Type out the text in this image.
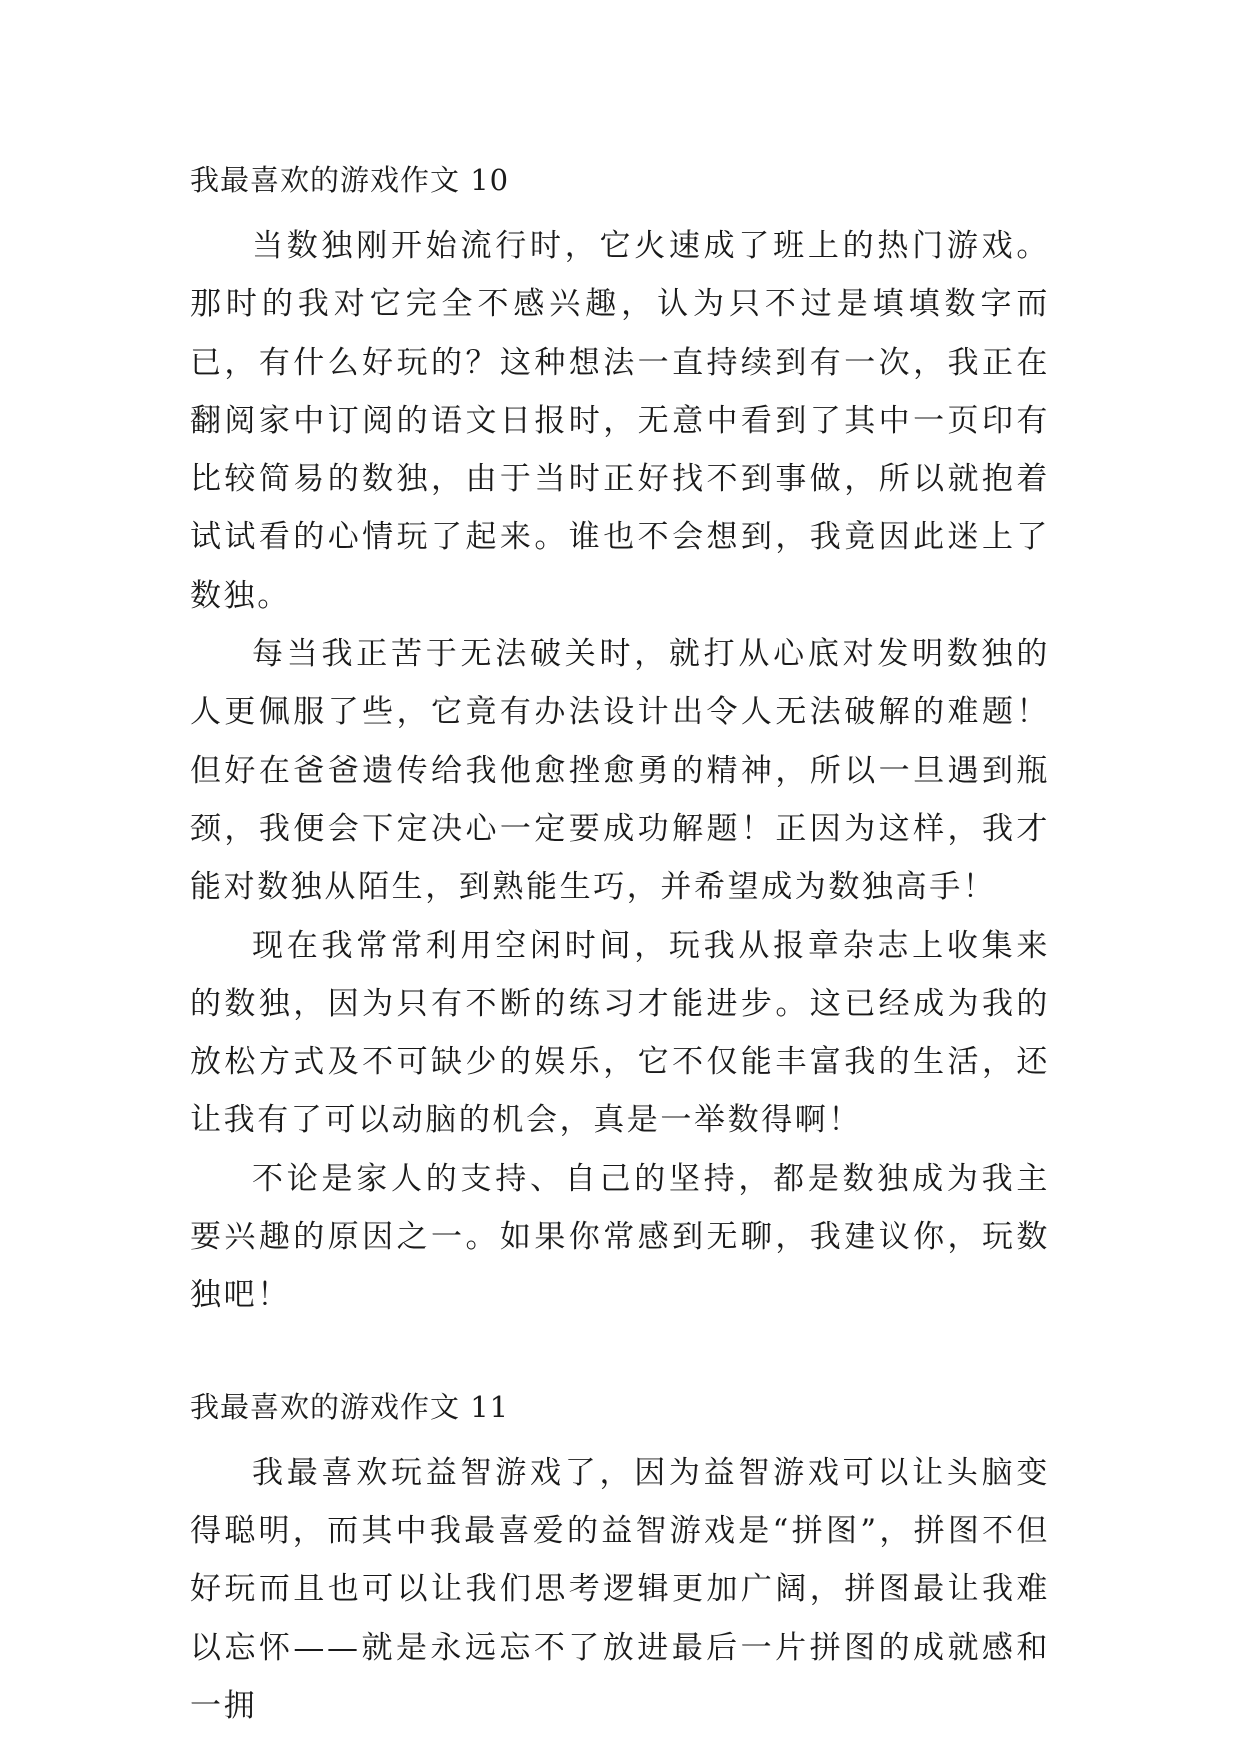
我最喜欢的游戏作文 10

当数独刚开始流行时，它火速成了班上的热门游戏。那时的我对它完全不感兴趣，认为只不过是填填数字而已，有什么好玩的？这种想法一直持续到有一次，我正在翻阅家中订阅的语文日报时，无意中看到了其中一页印有比较简易的数独，由于当时正好找不到事做，所以就抱着试试看的心情玩了起来。谁也不会想到，我竟因此迷上了数独。

每当我正苦于无法破关时，就打从心底对发明数独的人更佩服了些，它竟有办法设计出令人无法破解的难题！但好在爸爸遗传给我他愈挫愈勇的精神，所以一旦遇到瓶颈，我便会下定决心一定要成功解题！正因为这样，我才能对数独从陌生，到熟能生巧，并希望成为数独高手！

现在我常常利用空闲时间，玩我从报章杂志上收集来的数独，因为只有不断的练习才能进步。这已经成为我的放松方式及不可缺少的娱乐，它不仅能丰富我的生活，还让我有了可以动脑的机会，真是一举数得啊！

不论是家人的支持、自己的坚持，都是数独成为我主要兴趣的原因之一。如果你常感到无聊，我建议你，玩数独吧！

我最喜欢的游戏作文 11

我最喜欢玩益智游戏了，因为益智游戏可以让头脑变得聪明，而其中我最喜爱的益智游戏是“拼图”，拼图不但好玩而且也可以让我们思考逻辑更加广阔，拼图最让我难以忘怀——就是永远忘不了放进最后一片拼图的成就感和一拥
